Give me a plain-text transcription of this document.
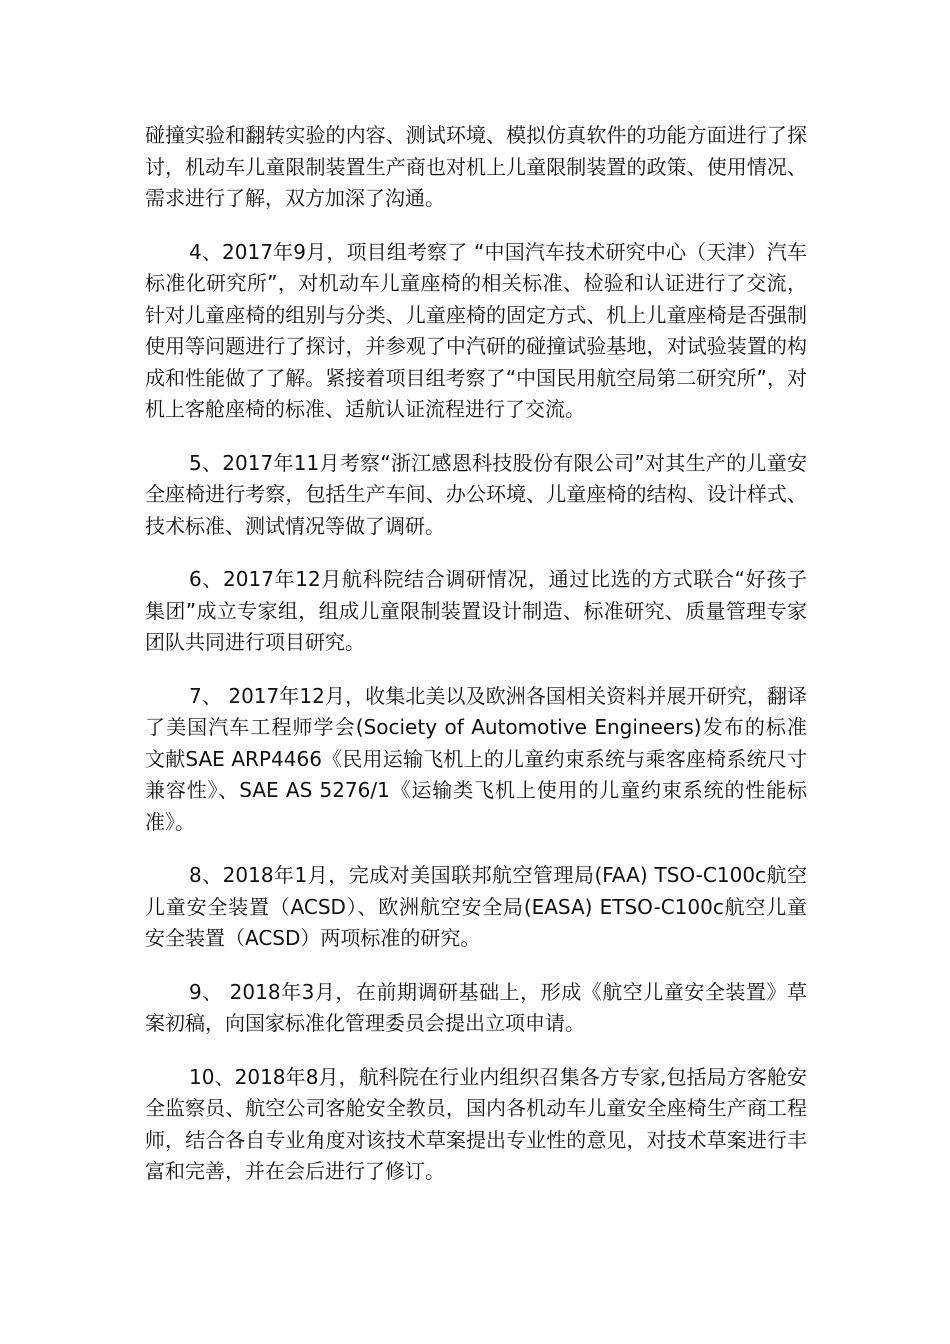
碰撞实验和翻转实验的内容、测试环境、模拟仿真软件的功能方面进行了探讨，机动车儿童限制装置生产商也对机上儿童限制装置的政策、使用情况、需求进行了解，双方加深了沟通。

4、2017年9月，项目组考察了 “中国汽车技术研究中心（天津）汽车标准化研究所”，对机动车儿童座椅的相关标准、检验和认证进行了交流，针对儿童座椅的组别与分类、儿童座椅的固定方式、机上儿童座椅是否强制使用等问题进行了探讨，并参观了中汽研的碰撞试验基地，对试验装置的构成和性能做了了解。紧接着项目组考察了“中国民用航空局第二研究所”，对机上客舱座椅的标准、适航认证流程进行了交流。

5、2017年11月考察“浙江感恩科技股份有限公司”对其生产的儿童安全座椅进行考察，包括生产车间、办公环境、儿童座椅的结构、设计样式、技术标准、测试情况等做了调研。

6、2017年12月航科院结合调研情况，通过比选的方式联合“好孩子集团”成立专家组，组成儿童限制装置设计制造、标准研究、质量管理专家团队共同进行项目研究。

7、 2017年12月，收集北美以及欧洲各国相关资料并展开研究，翻译了美国汽车工程师学会(Society of Automotive Engineers)发布的标准文献SAE ARP4466《民用运输飞机上的儿童约束系统与乘客座椅系统尺寸兼容性》、SAE AS 5276/1《运输类飞机上使用的儿童约束系统的性能标准》。

8、2018年1月，完成对美国联邦航空管理局(FAA) TSO-C100c航空儿童安全装置（ACSD）、欧洲航空安全局(EASA) ETSO-C100c航空儿童安全装置（ACSD）两项标准的研究。

9、 2018年3月，在前期调研基础上，形成《航空儿童安全装置》草案初稿，向国家标准化管理委员会提出立项申请。

10、2018年8月，航科院在行业内组织召集各方专家,包括局方客舱安全监察员、航空公司客舱安全教员，国内各机动车儿童安全座椅生产商工程师，结合各自专业角度对该技术草案提出专业性的意见，对技术草案进行丰富和完善，并在会后进行了修订。
